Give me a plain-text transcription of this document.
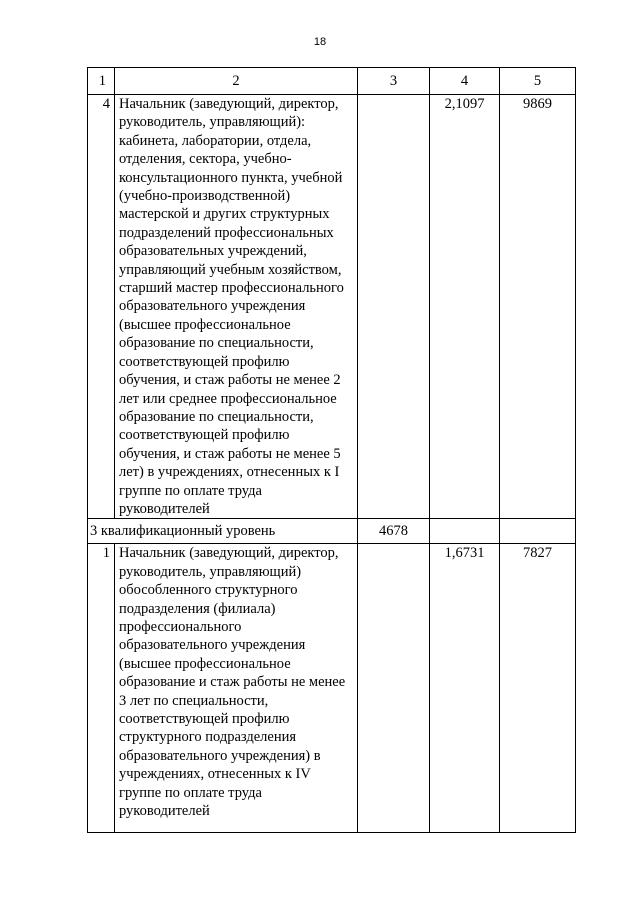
18
1	2	3	4	5
4	Начальник (заведующий, директор, руководитель, управляющий): кабинета, лаборатории, отдела, отделения, сектора, учебно-консультационного пункта, учебной (учебно-производственной) мастерской и других структурных подразделений профессиональных образовательных учреждений, управляющий учебным хозяйством, старший мастер профессионального образовательного учреждения (высшее профессиональное образование по специальности, соответствующей профилю обучения, и стаж работы не менее 2 лет или среднее профессиональное образование по специальности, соответствующей профилю обучения, и стаж работы не менее 5 лет) в учреждениях, отнесенных к I группе по оплате труда руководителей		2,1097	9869
3 квалификационный уровень		4678		
1	Начальник (заведующий, директор, руководитель, управляющий) обособленного структурного подразделения (филиала) профессионального образовательного учреждения (высшее профессиональное образование и стаж работы не менее 3 лет по специальности, соответствующей профилю структурного подразделения образовательного учреждения) в учреждениях, отнесенных к IV группе по оплате труда руководителей		1,6731	7827
